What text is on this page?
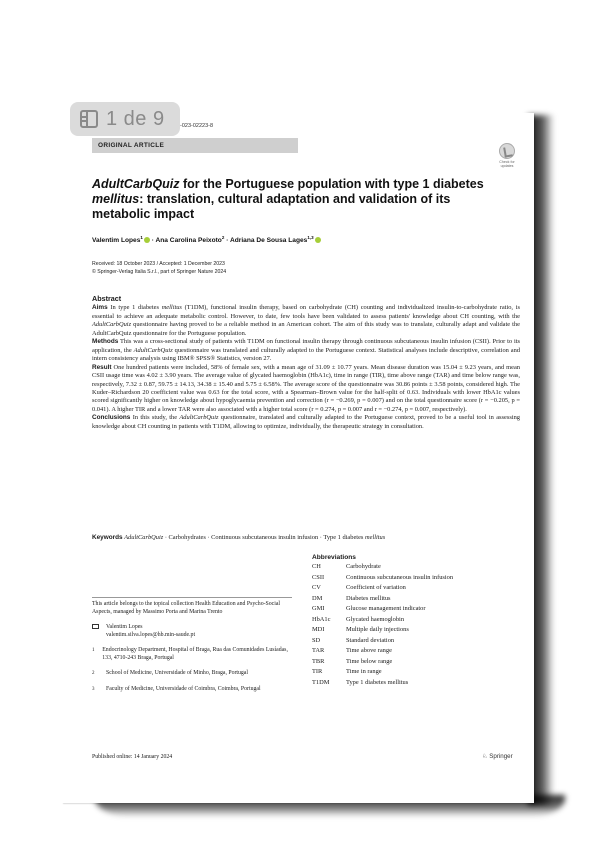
1 de 9	-023-02223-8
ORIGINAL ARTICLE
Check for updates
AdultCarbQuiz for the Portuguese population with type 1 diabetes
mellitus: translation, cultural adaptation and validation of its metabolic impact
Valentim Lopes$^1$ · Ana Carolina Peixoto$^2$ · Adriana De Sousa Lages$^{1,3}$
Received: 18 October 2023 / Accepted: 1 December 2023
© Springer-Verlag Italia S.r.l., part of Springer Nature 2024
Abstract

Aims In type 1 diabetes mellitus (T1DM), functional insulin therapy, based on carbohydrate (CH) counting and individualized insulin-to-carbohydrate ratio, is essential to achieve an adequate metabolic control. However, to date, few tools have been validated to assess patients' knowledge about CH counting, with the AdultCarbQuiz questionnaire having proved to be a reliable method in an American cohort. The aim of this study was to translate, culturally adapt and validate the AdultCarbQuiz questionnaire for the Portuguese population.

Methods This was a cross-sectional study of patients with T1DM on functional insulin therapy through continuous subcutaneous insulin infusion (CSII). Prior to its application, the AdultCarbQuiz questionnaire was translated and culturally adapted to the Portuguese context. Statistical analyses include descriptive, correlation and intern consistency analysis using IBM® SPSS® Statistics, version 27.

Result One hundred patients were included, 58% of female sex, with a mean age of 31.09 ± 10.77 years. Mean disease duration was 15.04 ± 9.23 years, and mean CSII usage time was 4.02 ± 3.90 years. The average value of glycated haemoglobin (HbA1c), time in range (TIR), time above range (TAR) and time below range was, respectively, 7.32 ± 0.87, 59.75 ± 14.13, 34.38 ± 15.40 and 5.75 ± 6.58%. The average score of the questionnaire was 30.86 points ± 3.58 points, considered high. The Kuder–Richardson 20 coefficient value was 0.63 for the total score, with a Spearman–Brown value for the half-split of 0.63. Individuals with lower HbA1c values scored significantly higher on knowledge about hypoglycaemia prevention and correction (r = −0.269, p = 0.007) and on the total questionnaire score (r = −0.205, p = 0.041). A higher TIR and a lower TAR were also associated with a higher total score (r = 0.274, p = 0.007 and r = −0.274, p = 0.007, respectively).

Conclusions In this study, the AdultCarbQuiz questionnaire, translated and culturally adapted to the Portuguese context, proved to be a useful tool in assessing knowledge about CH counting in patients with T1DM, allowing to optimize, individually, the therapeutic strategy in consultation.

Keywords AdultCarbQuiz · Carbohydrates · Continuous subcutaneous insulin infusion · Type 1 diabetes mellitus
Abbreviations
CH	Carbohydrate
CSII	Continuous subcutaneous insulin infusion
CV	Coefficient of variation
DM	Diabetes mellitus
GMI	Glucose management indicator
HbA1c	Glycated haemoglobin
MDI	Multiple daily injections
SD	Standard deviation
TAR	Time above range
TBR	Time below range
TIR	Time in range
T1DM	Type 1 diabetes mellitus
This article belongs to the topical collection Health Education and Psycho-Social Aspects, managed by Massimo Porta and Marina Trento
Valentim Lopes
valentim.silva.lopes@hb.min-saude.pt
1	Endocrinology Department, Hospital of Braga, Rua das Comunidades Lusíadas, 133, 4710-243 Braga, Portugal
2	School of Medicine, Universidade of Minho, Braga, Portugal
3	Faculty of Medicine, Universidade of Coimbra, Coimbra, Portugal
Published online: 14 January 2024	♘ Springer
